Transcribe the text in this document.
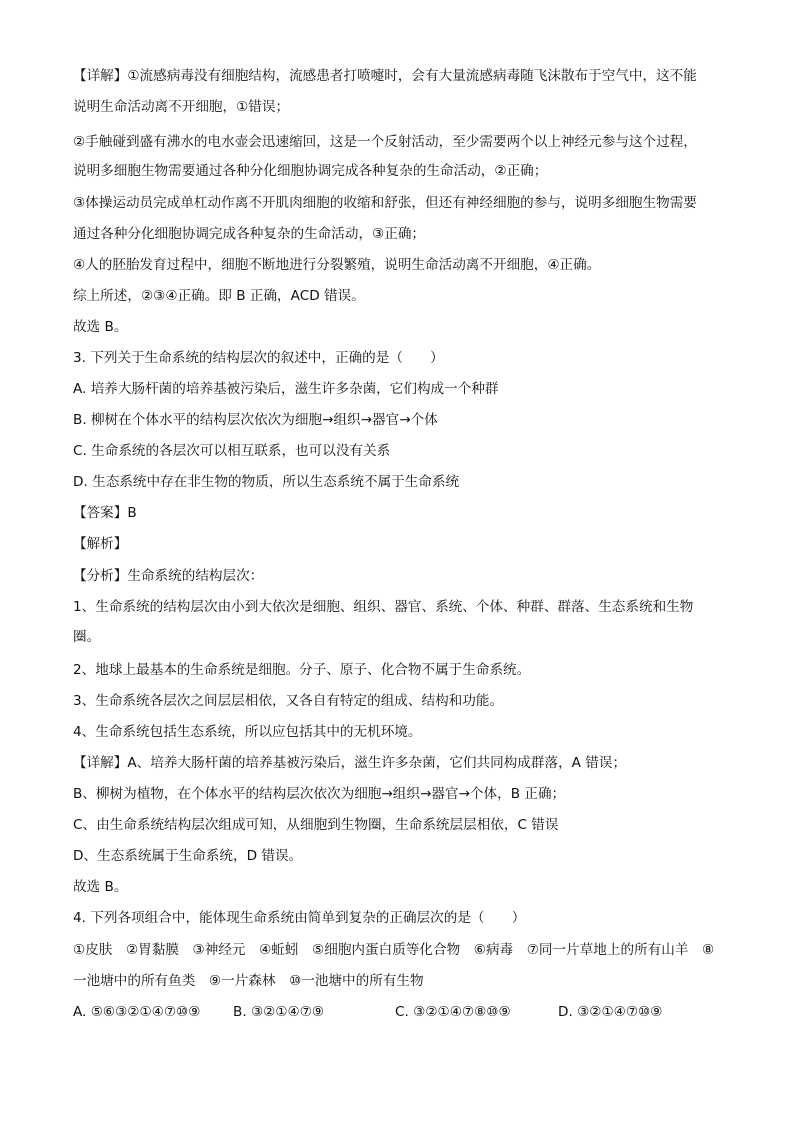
【详解】①流感病毒没有细胞结构，流感患者打喷嚏时，会有大量流感病毒随飞沫散布于空气中，这不能
说明生命活动离不开细胞，①错误；
②手触碰到盛有沸水的电水壶会迅速缩回，这是一个反射活动，至少需要两个以上神经元参与这个过程，
说明多细胞生物需要通过各种分化细胞协调完成各种复杂的生命活动，②正确；
③体操运动员完成单杠动作离不开肌肉细胞的收缩和舒张，但还有神经细胞的参与，说明多细胞生物需要
通过各种分化细胞协调完成各种复杂的生命活动，③正确；
④人的胚胎发育过程中，细胞不断地进行分裂繁殖，说明生命活动离不开细胞，④正确。
综上所述，②③④正确。即 B 正确，ACD 错误。
故选 B。
3. 下列关于生命系统的结构层次的叙述中，正确的是（　　）
A. 培养大肠杆菌的培养基被污染后，滋生许多杂菌，它们构成一个种群
B. 柳树在个体水平的结构层次依次为细胞→组织→器官→个体
C. 生命系统的各层次可以相互联系，也可以没有关系
D. 生态系统中存在非生物的物质，所以生态系统不属于生命系统
【答案】B
【解析】
【分析】生命系统的结构层次：
1、生命系统的结构层次由小到大依次是细胞、组织、器官、系统、个体、种群、群落、生态系统和生物
圈。
2、地球上最基本的生命系统是细胞。分子、原子、化合物不属于生命系统。
3、生命系统各层次之间层层相依，又各自有特定的组成、结构和功能。
4、生命系统包括生态系统，所以应包括其中的无机环境。
【详解】A、培养大肠杆菌的培养基被污染后，滋生许多杂菌，它们共同构成群落，A 错误；
B、柳树为植物，在个体水平的结构层次依次为细胞→组织→器官→个体，B 正确；
C、由生命系统结构层次组成可知，从细胞到生物圈，生命系统层层相依，C 错误
D、生态系统属于生命系统，D 错误。
故选 B。
4. 下列各项组合中，能体现生命系统由简单到复杂的正确层次的是（　　）
①皮肤　②胃黏膜　③神经元　④蚯蚓　⑤细胞内蛋白质等化合物　⑥病毒　⑦同一片草地上的所有山羊　⑧
一池塘中的所有鱼类　⑨一片森林　⑩一池塘中的所有生物
A. ⑤⑥③②①④⑦⑩⑨ B. ③②①④⑦⑨	C. ③②①④⑦⑧⑩⑨	D. ③②①④⑦⑩⑨
